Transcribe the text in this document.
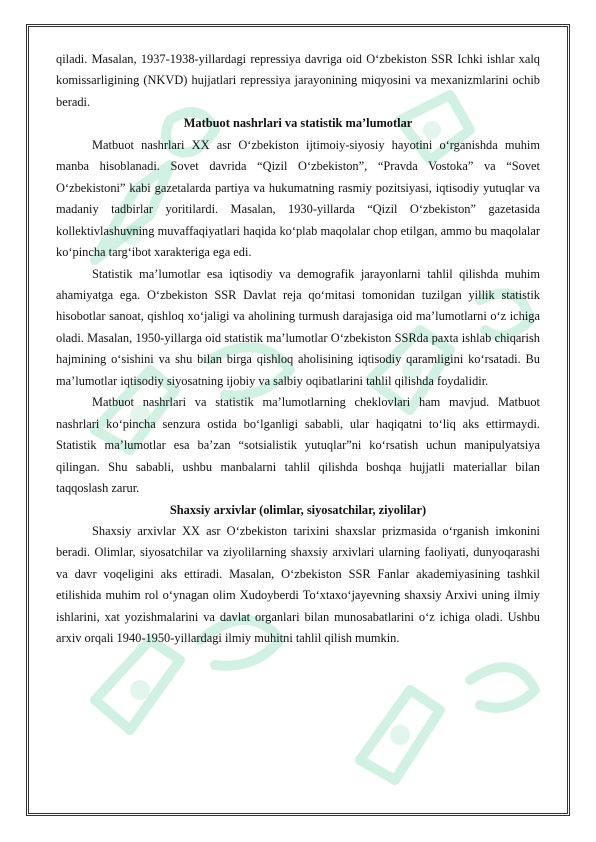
qiladi. Masalan, 1937-1938-yillardagi repressiya davriga oid O‘zbekiston SSR Ichki ishlar xalq komissarligining (NKVD) hujjatlari repressiya jarayonining miqyosini va mexanizmlarini ochib beradi.

Matbuot nashrlari va statistik ma’lumotlar

Matbuot nashrlari XX asr O‘zbekiston ijtimoiy-siyosiy hayotini o‘rganishda muhim manba hisoblanadi. Sovet davrida “Qizil O‘zbekiston”, “Pravda Vostoka” va “Sovet O‘zbekistoni” kabi gazetalarda partiya va hukumatning rasmiy pozitsiyasi, iqtisodiy yutuqlar va madaniy tadbirlar yoritilardi. Masalan, 1930-yillarda “Qizil O‘zbekiston” gazetasida kollektivlashuvning muvaffaqiyatlari haqida ko‘plab maqolalar chop etilgan, ammo bu maqolalar ko‘pincha targ‘ibot xarakteriga ega edi.

Statistik ma’lumotlar esa iqtisodiy va demografik jarayonlarni tahlil qilishda muhim ahamiyatga ega. O‘zbekiston SSR Davlat reja qo‘mitasi tomonidan tuzilgan yillik statistik hisobotlar sanoat, qishloq xo‘jaligi va aholining turmush darajasiga oid ma’lumotlarni o‘z ichiga oladi. Masalan, 1950-yillarga oid statistik ma’lumotlar O‘zbekiston SSRda paxta ishlab chiqarish hajmining o‘sishini va shu bilan birga qishloq aholisining iqtisodiy qaramligini ko‘rsatadi. Bu ma’lumotlar iqtisodiy siyosatning ijobiy va salbiy oqibatlarini tahlil qilishda foydalidir.

Matbuot nashrlari va statistik ma’lumotlarning cheklovlari ham mavjud. Matbuot nashrlari ko‘pincha senzura ostida bo‘lganligi sababli, ular haqiqatni to‘liq aks ettirmaydi. Statistik ma’lumotlar esa ba’zan “sotsialistik yutuqlar”ni ko‘rsatish uchun manipulyatsiya qilingan. Shu sababli, ushbu manbalarni tahlil qilishda boshqa hujjatli materiallar bilan taqqoslash zarur.

Shaxsiy arxivlar (olimlar, siyosatchilar, ziyolilar)

Shaxsiy arxivlar XX asr O‘zbekiston tarixini shaxslar prizmasida o‘rganish imkonini beradi. Olimlar, siyosatchilar va ziyolilarning shaxsiy arxivlari ularning faoliyati, dunyoqarashi va davr voqeligini aks ettiradi. Masalan, O‘zbekiston SSR Fanlar akademiyasining tashkil etilishida muhim rol o‘ynagan olim Xudoyberdi To‘xtaxo‘jayevning shaxsiy Arxivi uning ilmiy ishlarini, xat yozishmalarini va davlat organlari bilan munosabatlarini o‘z ichiga oladi. Ushbu arxiv orqali 1940-1950-yillardagi ilmiy muhitni tahlil qilish mumkin.
